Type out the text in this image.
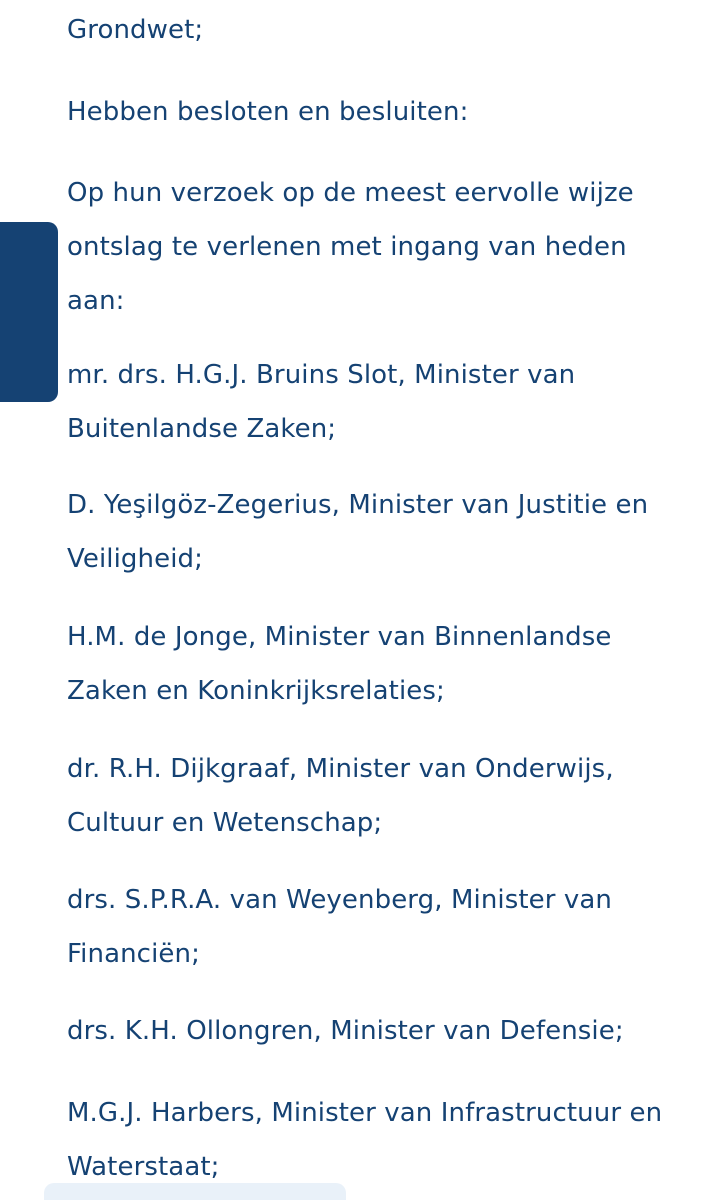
Grondwet;

Hebben besloten en besluiten:

Op hun verzoek op de meest eervolle wijze
ontslag te verlenen met ingang van heden
aan:

mr. drs. H.G.J. Bruins Slot, Minister van
Buitenlandse Zaken;

D. Yeşilgöz-Zegerius, Minister van Justitie en
Veiligheid;

H.M. de Jonge, Minister van Binnenlandse
Zaken en Koninkrijksrelaties;

dr. R.H. Dijkgraaf, Minister van Onderwijs,
Cultuur en Wetenschap;

drs. S.P.R.A. van Weyenberg, Minister van
Financiën;

drs. K.H. Ollongren, Minister van Defensie;

M.G.J. Harbers, Minister van Infrastructuur en
Waterstaat;

Details
